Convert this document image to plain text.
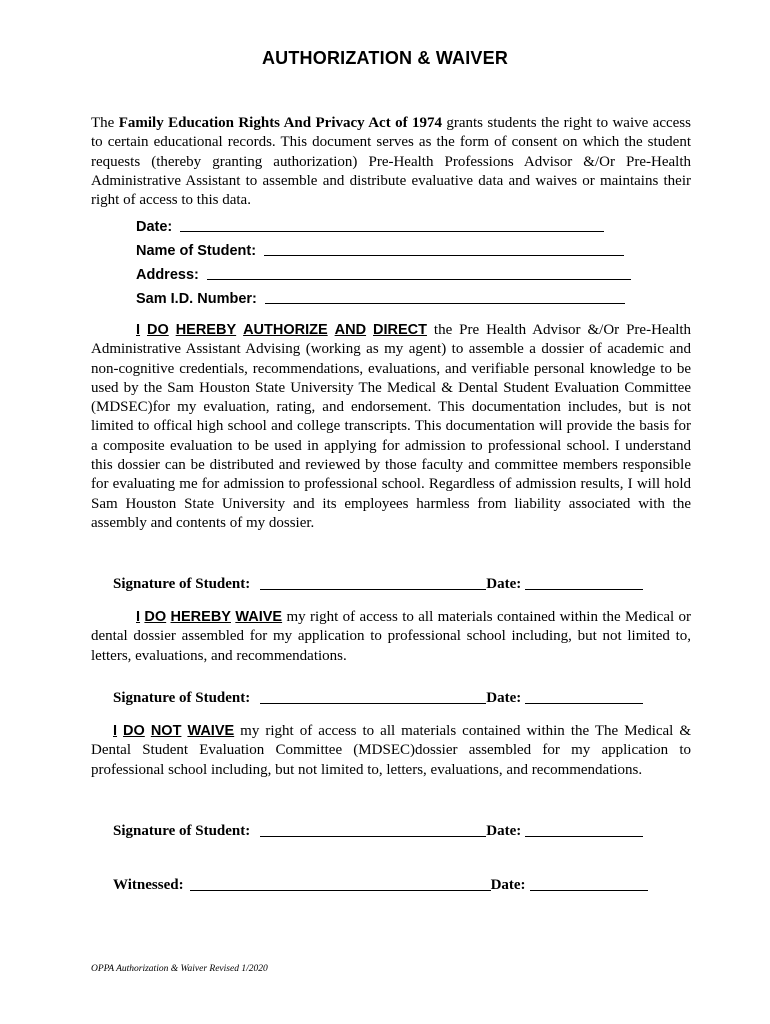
AUTHORIZATION & WAIVER
The Family Education Rights And Privacy Act of 1974 grants students the right to waive access to certain educational records. This document serves as the form of consent on which the student requests (thereby granting authorization) Pre-Health Professions Advisor &/Or Pre-Health Administrative Assistant to assemble and distribute evaluative data and waives or maintains their right of access to this data.
Date:
Name of Student:
Address:
Sam I.D. Number:
I DO HEREBY AUTHORIZE AND DIRECT the Pre Health Advisor &/Or Pre-Health Administrative Assistant Advising (working as my agent) to assemble a dossier of academic and non-cognitive credentials, recommendations, evaluations, and verifiable personal knowledge to be used by the Sam Houston State University The Medical & Dental Student Evaluation Committee (MDSEC)for my evaluation, rating, and endorsement. This documentation includes, but is not limited to offical high school and college transcripts. This documentation will provide the basis for a composite evaluation to be used in applying for admission to professional school. I understand this dossier can be distributed and reviewed by those faculty and committee members responsible for evaluating me for admission to professional school. Regardless of admission results, I will hold Sam Houston State University and its employees harmless from liability associated with the assembly and contents of my dossier.
Signature of Student:	Date:
I DO HEREBY WAIVE my right of access to all materials contained within the Medical or dental dossier assembled for my application to professional school including, but not limited to, letters, evaluations, and recommendations.
Signature of Student:	Date:
I DO NOT WAIVE my right of access to all materials contained within the The Medical & Dental Student Evaluation Committee (MDSEC)dossier assembled for my application to professional school including, but not limited to, letters, evaluations, and recommendations.
Signature of Student:	Date:
Witnessed:	Date:
OPPA Authorization & Waiver Revised 1/2020
